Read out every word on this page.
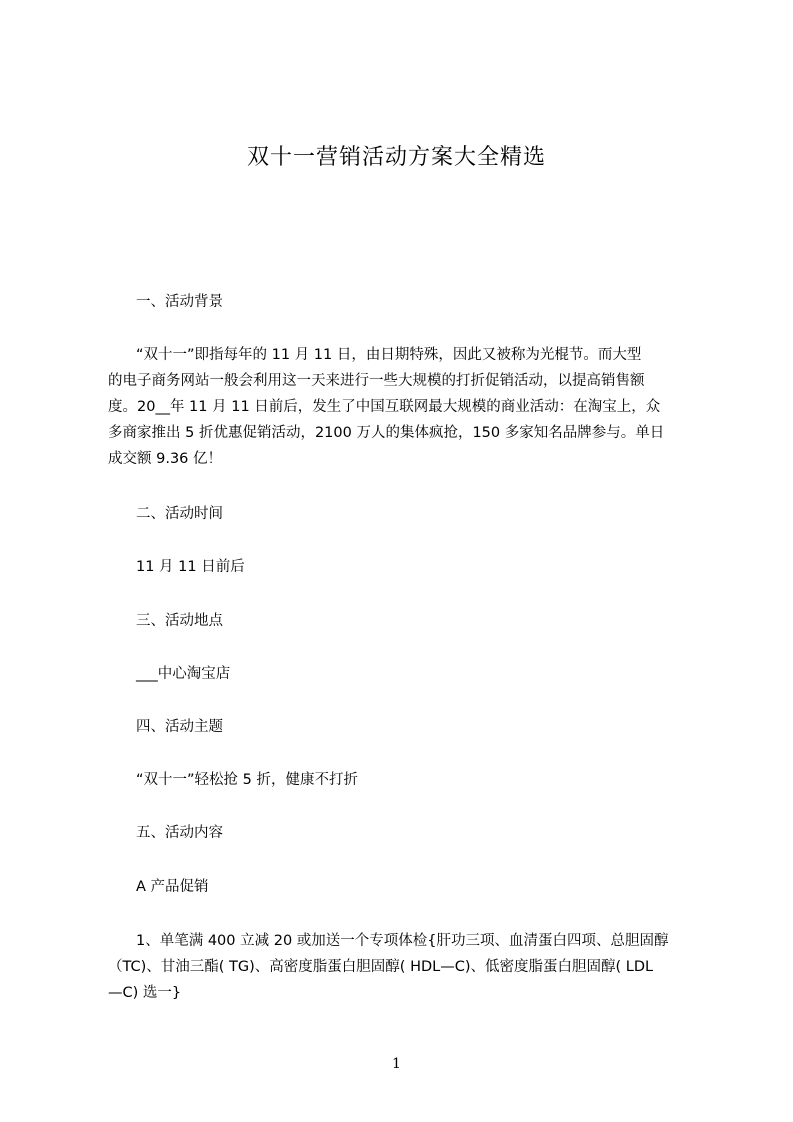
双十一营销活动方案大全精选
一、活动背景
“双十一”即指每年的 11 月 11 日，由日期特殊，因此又被称为光棍节。而大型
的电子商务网站一般会利用这一天来进行一些大规模的打折促销活动，以提高销售额
度。20__年 11 月 11 日前后，发生了中国互联网最大规模的商业活动：在淘宝上，众
多商家推出 5 折优惠促销活动，2100 万人的集体疯抢，150 多家知名品牌参与。单日
成交额 9.36 亿！
二、活动时间
11 月 11 日前后
三、活动地点
___中心淘宝店
四、活动主题
“双十一”轻松抢 5 折，健康不打折
五、活动内容
A 产品促销
1、单笔满 400 立减 20 或加送一个专项体检{肝功三项、血清蛋白四项、总胆固醇
（TC)、甘油三酯( TG)、高密度脂蛋白胆固醇( HDL—C)、低密度脂蛋白胆固醇( LDL
—C) 选一}
1
